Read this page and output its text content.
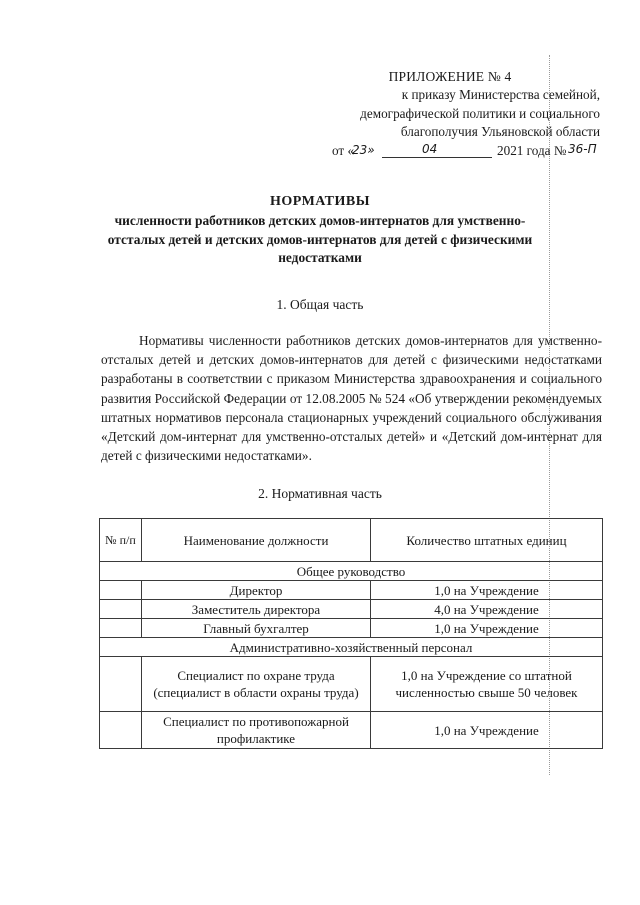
ПРИЛОЖЕНИЕ № 4
к приказу Министерства семейной,
демографической политики и социального
благополучия Ульяновской области
от «
23»	04	2021 года № 36-П
НОРМАТИВЫ
численности работников детских домов-интернатов для умственно-
отсталых детей и детских домов-интернатов для детей с физическими
недостатками
1. Общая часть
Нормативы численности работников детских домов-интернатов для умственно-отсталых детей и детских домов-интернатов для детей с физическими недостатками разработаны в соответствии с приказом Министерства здравоохранения и социального развития Российской Федерации от 12.08.2005 № 524 «Об утверждении рекомендуемых штатных нормативов персонала стационарных учреждений социального обслуживания «Детский дом-интернат для умственно-отсталых детей» и «Детский дом-интернат для детей с физическими недостатками».
2. Нормативная часть
№ п/п	Наименование должности	Количество штатных единиц
Общее руководство		
	Директор	1,0 на Учреждение
	Заместитель директора	4,0 на Учреждение
	Главный бухгалтер	1,0 на Учреждение
Административно-хозяйственный персонал		
	Специалист по охране труда (специалист в области охраны труда)	1,0 на Учреждение со штатной численностью свыше 50 человек
	Специалист по противопожарной профилактике	1,0 на Учреждение
